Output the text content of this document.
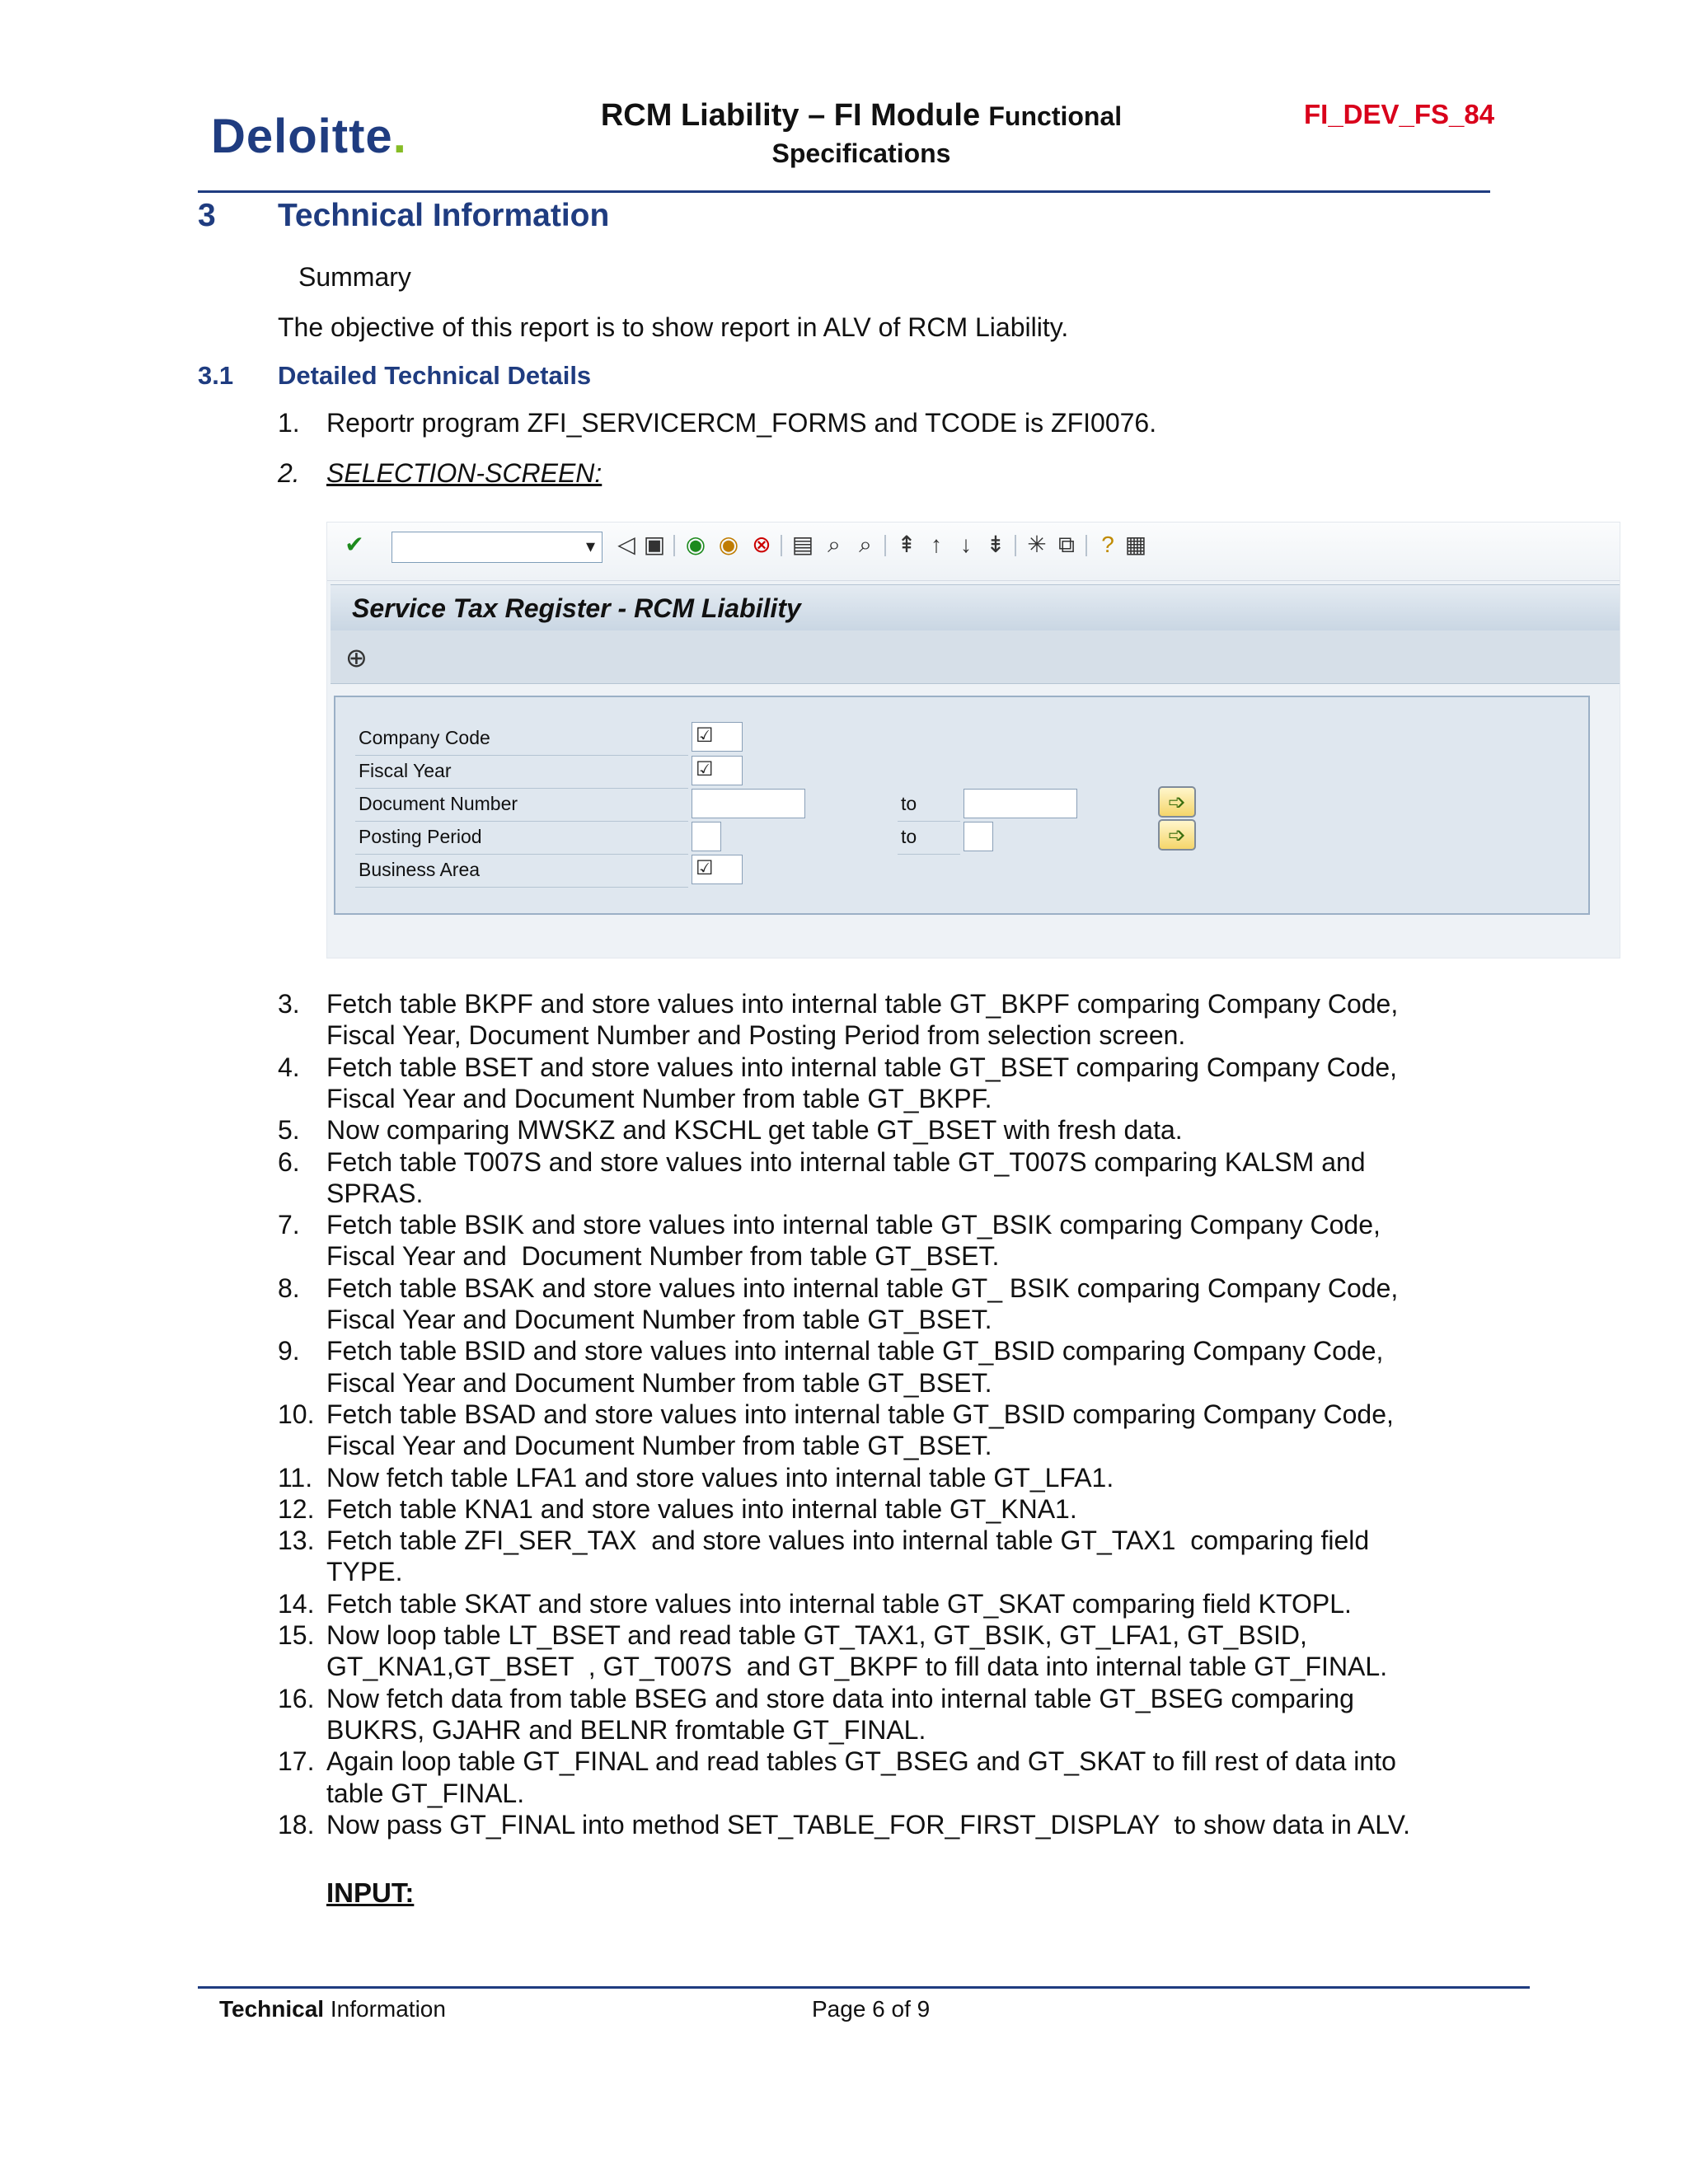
Deloitte.	RCM Liability – FI Module Functional
Specifications
FI_DEV_FS_84
3 Technical Information
Summary
The objective of this report is to show report in ALV of RCM Liability.
3.1 Detailed Technical Details
1. Reportr program ZFI_SERVICERCM_FORMS and TCODE is ZFI0076.
2. SELECTION-SCREEN:
✔	▾ ◁ ▣ ◉ ◉ ⊗ ▤ ⌕ ⌕ ⇞ ↑ ↓ ⇟ ✳ ⧉ ? ▦
Service Tax Register - RCM Liability
⊕
Company Code	☑
Fiscal Year	☑
Document Number	to	➩
Posting Period	to	➩
Business Area	☑
3. Fetch table BKPF and store values into internal table GT_BKPF comparing Company Code,
Fiscal Year, Document Number and Posting Period from selection screen.
4. Fetch table BSET and store values into internal table GT_BSET comparing Company Code,
Fiscal Year and Document Number from table GT_BKPF.
5. Now comparing MWSKZ and KSCHL get table GT_BSET with fresh data.
6. Fetch table T007S and store values into internal table GT_T007S comparing KALSM and
SPRAS.
7. Fetch table BSIK and store values into internal table GT_BSIK comparing Company Code,
Fiscal Year and  Document Number from table GT_BSET.
8. Fetch table BSAK and store values into internal table GT_ BSIK comparing Company Code,
Fiscal Year and Document Number from table GT_BSET.
9. Fetch table BSID and store values into internal table GT_BSID comparing Company Code,
Fiscal Year and Document Number from table GT_BSET.
10. Fetch table BSAD and store values into internal table GT_BSID comparing Company Code,
Fiscal Year and Document Number from table GT_BSET.
11. Now fetch table LFA1 and store values into internal table GT_LFA1.
12. Fetch table KNA1 and store values into internal table GT_KNA1.
13. Fetch table ZFI_SER_TAX  and store values into internal table GT_TAX1  comparing field
TYPE.
14. Fetch table SKAT and store values into internal table GT_SKAT comparing field KTOPL.
15. Now loop table LT_BSET and read table GT_TAX1, GT_BSIK, GT_LFA1, GT_BSID,
GT_KNA1,GT_BSET  , GT_T007S  and GT_BKPF to fill data into internal table GT_FINAL.
16. Now fetch data from table BSEG and store data into internal table GT_BSEG comparing
BUKRS, GJAHR and BELNR fromtable GT_FINAL.
17. Again loop table GT_FINAL and read tables GT_BSEG and GT_SKAT to fill rest of data into
table GT_FINAL.
18. Now pass GT_FINAL into method SET_TABLE_FOR_FIRST_DISPLAY  to show data in ALV.
INPUT:
Technical Information	Page 6 of 9
